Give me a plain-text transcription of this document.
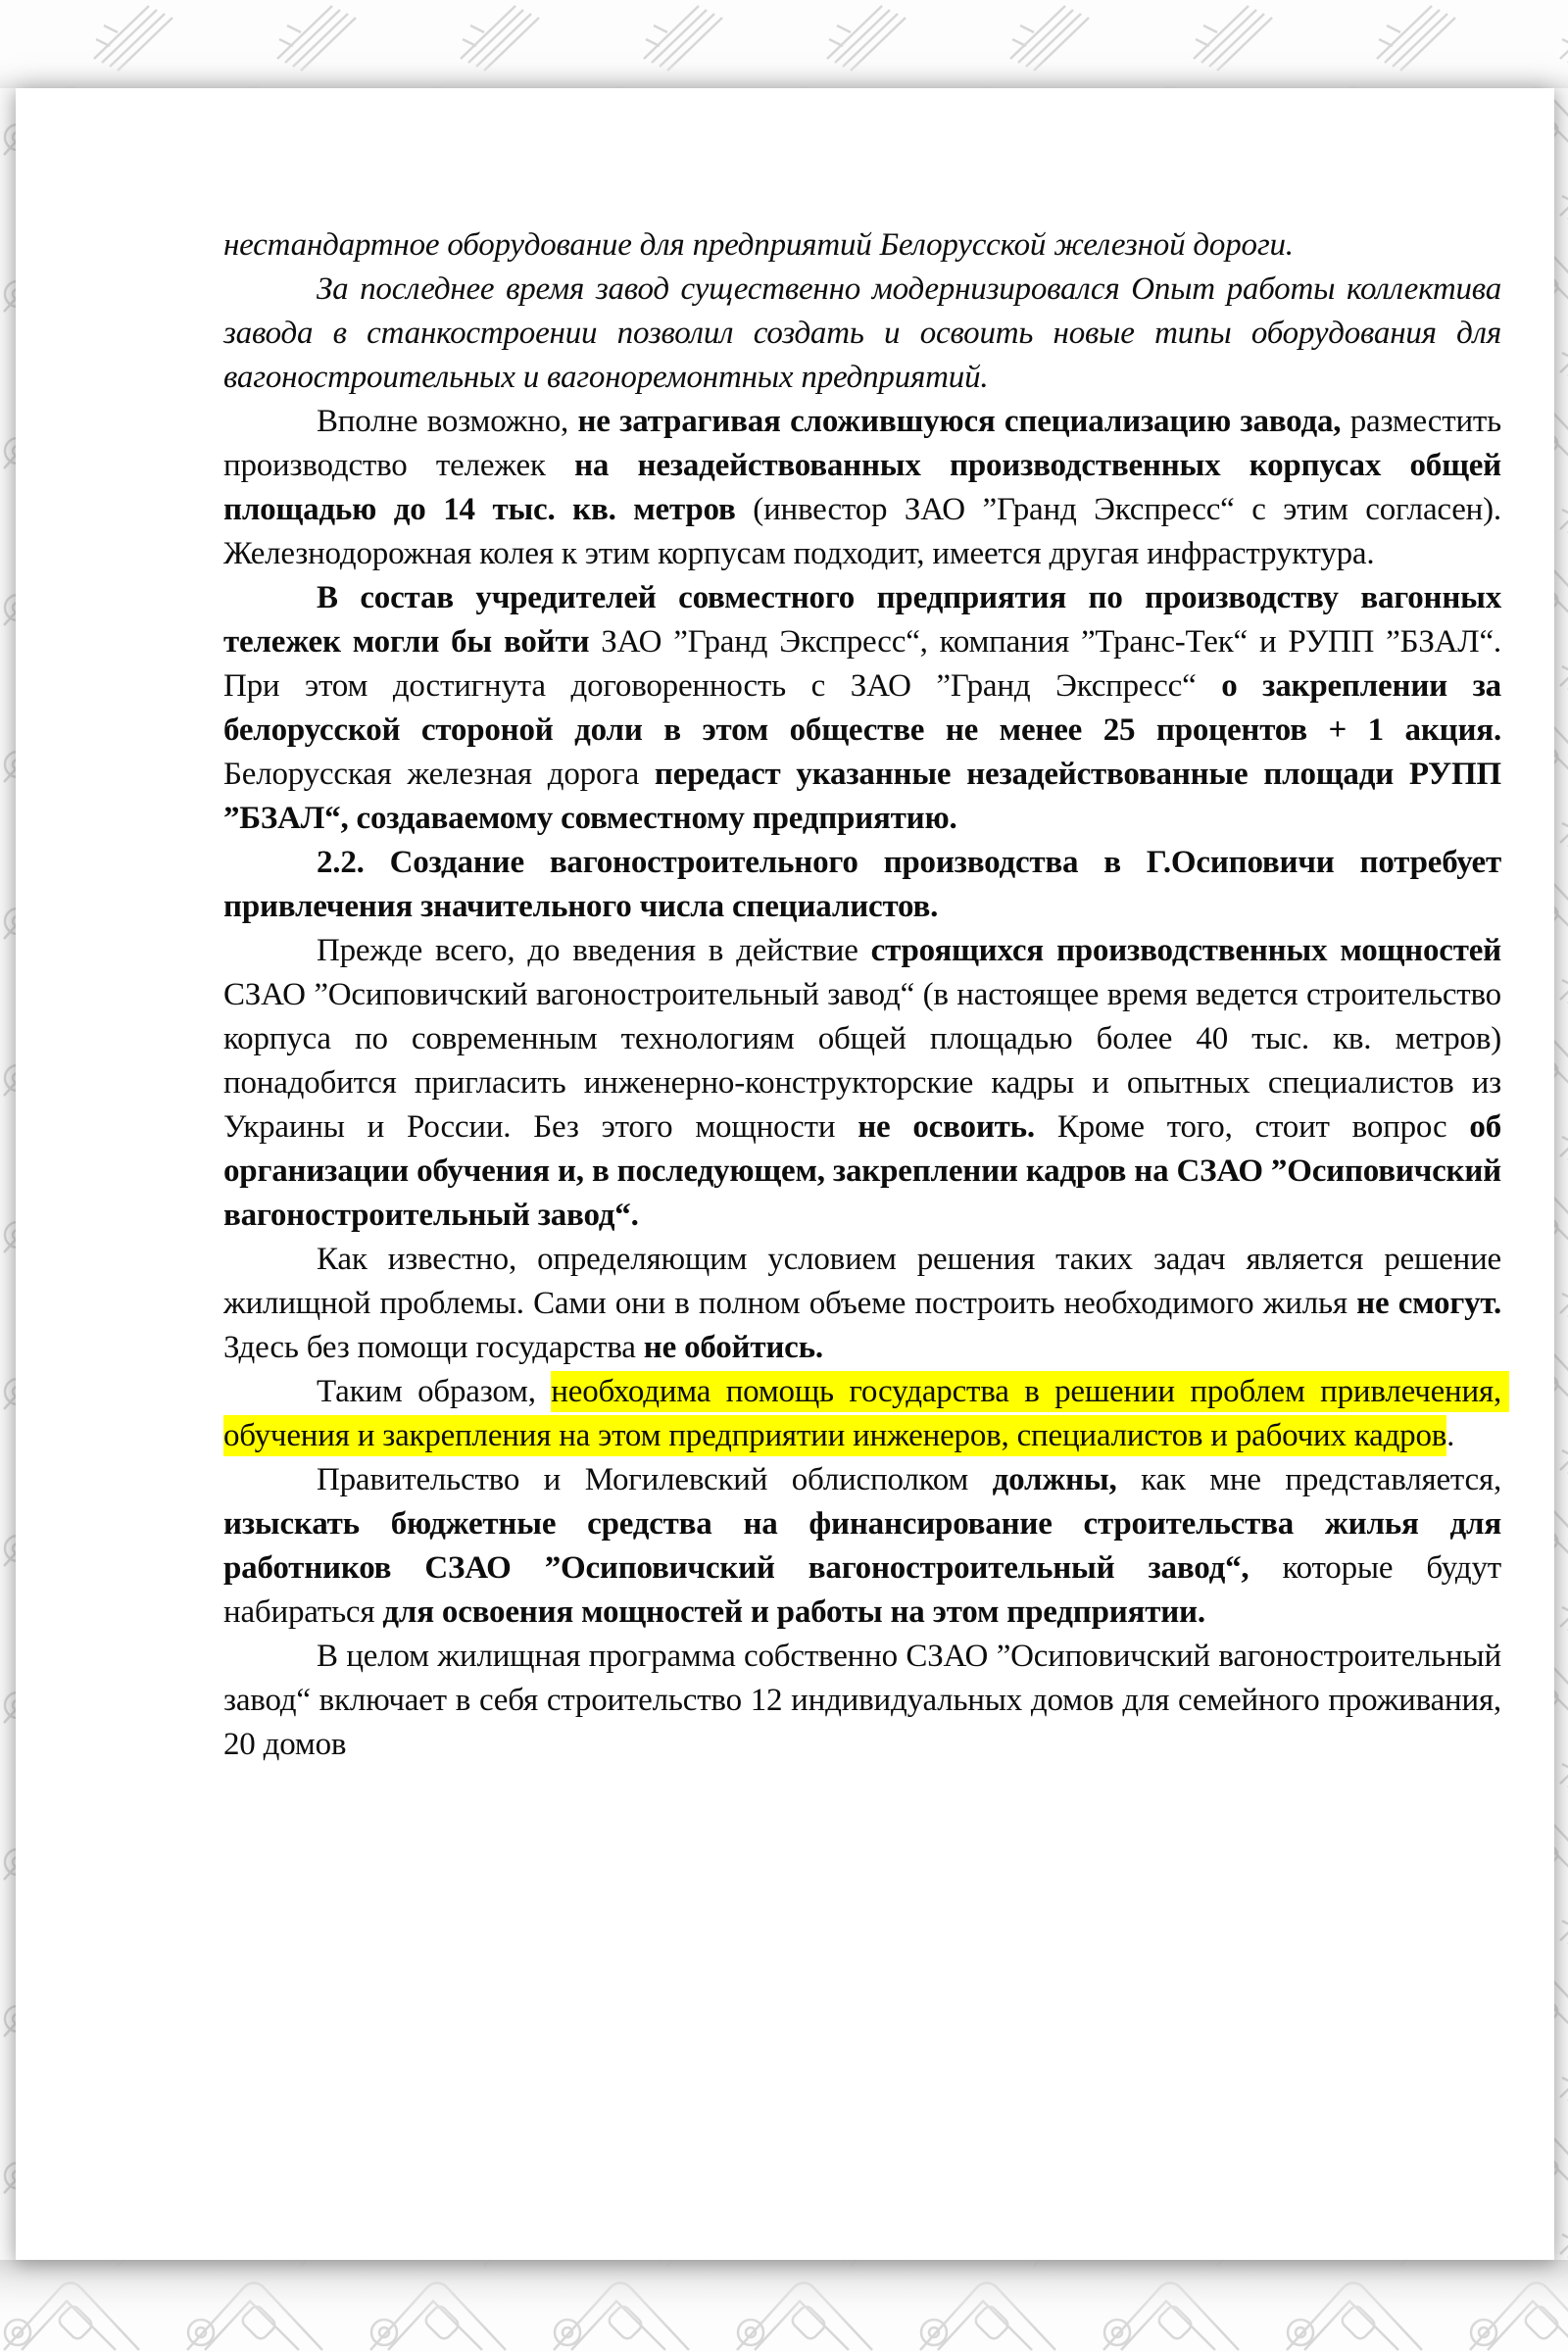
нестандартное оборудование для предприятий Белорусской железной дороги.

За последнее время завод существенно модернизировался Опыт работы коллектива завода в станкостроении позволил создать и освоить новые типы оборудования для вагоностроительных и вагоноремонтных предприятий.

Вполне возможно, не затрагивая сложившуюся специализацию завода, разместить производство тележек на незадействованных производственных корпусах общей площадью до 14 тыс. кв. метров (инвестор ЗАО ”Гранд Экспресс“ с этим согласен). Железнодорожная колея к этим корпусам подходит, имеется другая инфраструктура.

В состав учредителей совместного предприятия по производству вагонных тележек могли бы войти ЗАО ”Гранд Экспресс“, компания ”Транс-Тек“ и РУПП ”БЗАЛ“. При этом достигнута договоренность с ЗАО ”Гранд Экспресс“ о закреплении за белорусской стороной доли в этом обществе не менее 25 процентов + 1 акция. Белорусская железная дорога передаст указанные незадействованные площади РУПП ”БЗАЛ“, создаваемому совместному предприятию.

2.2. Создание вагоностроительного производства в Г.Осиповичи потребует привлечения значительного числа специалистов.

Прежде всего, до введения в действие строящихся производственных мощностей СЗАО ”Осиповичский вагоностроительный завод“ (в настоящее время ведется строительство корпуса по современным технологиям общей площадью более 40 тыс. кв. метров) понадобится пригласить инженерно-конструкторские кадры и опытных специалистов из Украины и России. Без этого мощности не освоить. Кроме того, стоит вопрос об организации обучения и, в последующем, закреплении кадров на СЗАО ”Осиповичский вагоностроительный завод“.

Как известно, определяющим условием решения таких задач является решение жилищной проблемы. Сами они в полном объеме построить необходимого жилья не смогут. Здесь без помощи государства не обойтись.

Таким образом, необходима помощь государства в решении проблем привлечения, обучения и закрепления на этом предприятии инженеров, специалистов и рабочих кадров.

Правительство и Могилевский облисполком должны, как мне представляется, изыскать бюджетные средства на финансирование строительства жилья для работников СЗАО ”Осиповичский вагоностроительный завод“, которые будут набираться для освоения мощностей и работы на этом предприятии.

В целом жилищная программа собственно СЗАО ”Осиповичский вагоностроительный завод“ включает в себя строительство 12 индивидуальных домов для семейного проживания, 20 домов
